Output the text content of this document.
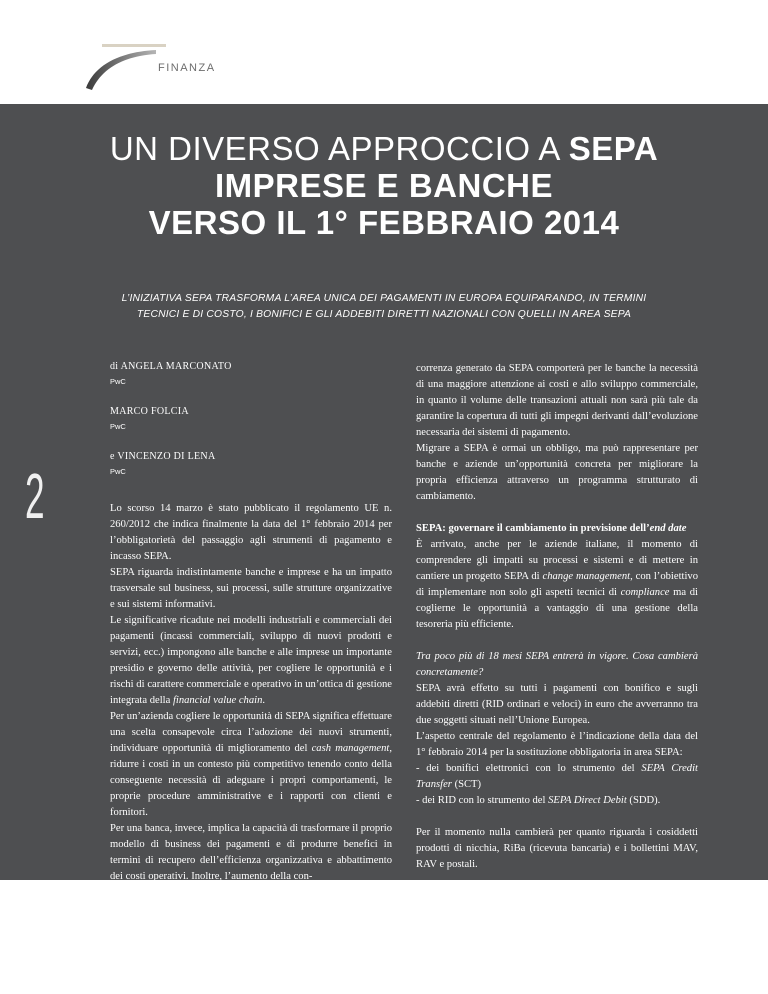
FINANZA
UN DIVERSO APPROCCIO A SEPA
IMPRESE E BANCHE
VERSO IL 1° FEBBRAIO 2014
L’INIZIATIVA SEPA TRASFORMA L’AREA UNICA DEI PAGAMENTI IN EUROPA EQUIPARANDO, IN TERMINI
TECNICI E DI COSTO, I BONIFICI E GLI ADDEBITI DIRETTI NAZIONALI CON QUELLI IN AREA SEPA
2
di ANGELA MARCONATO
PwC
MARCO FOLCIA
PwC
e VINCENZO DI LENA
PwC

Lo scorso 14 marzo è stato pubblicato il regolamento UE n. 260/2012 che indica finalmente la data del 1° febbraio 2014 per l’obbligatorietà del passaggio agli strumenti di pagamento e incasso SEPA.

SEPA riguarda indistintamente banche e imprese e ha un impatto trasversale sul business, sui processi, sulle strutture organizzative e sui sistemi informativi.

Le significative ricadute nei modelli industriali e commerciali dei pagamenti (incassi commerciali, sviluppo di nuovi prodotti e servizi, ecc.) impongono alle banche e alle imprese un importante presidio e governo delle attività, per cogliere le opportunità e i rischi di carattere commerciale e operativo in un’ottica di gestione integrata della financial value chain.

Per un’azienda cogliere le opportunità di SEPA significa effettuare una scelta consapevole circa l’adozione dei nuovi strumenti, individuare opportunità di miglioramento del cash management, ridurre i costi in un contesto più competitivo tenendo conto della conseguente necessità di adeguare i propri comportamenti, le proprie procedure amministrative e i rapporti con clienti e fornitori.

Per una banca, invece, implica la capacità di trasformare il proprio modello di business dei pagamenti e di produrre benefici in termini di recupero dell’efficienza organizzativa e abbattimento dei costi operativi. Inoltre, l’aumento della con-

correnza generato da SEPA comporterà per le banche la necessità di una maggiore attenzione ai costi e allo sviluppo commerciale, in quanto il volume delle transazioni attuali non sarà più tale da garantire la copertura di tutti gli impegni derivanti dall’evoluzione necessaria dei sistemi di pagamento.

Migrare a SEPA è ormai un obbligo, ma può rappresentare per banche e aziende un’opportunità concreta per migliorare la propria efficienza attraverso un programma strutturato di cambiamento.

SEPA: governare il cambiamento in previsione dell’end date

È arrivato, anche per le aziende italiane, il momento di comprendere gli impatti su processi e sistemi e di mettere in cantiere un progetto SEPA di change management, con l’obiettivo di implementare non solo gli aspetti tecnici di compliance ma di coglierne le opportunità a vantaggio di una gestione della tesoreria più efficiente.

Tra poco più di 18 mesi SEPA entrerà in vigore. Cosa cambierà concretamente?

SEPA avrà effetto su tutti i pagamenti con bonifico e sugli addebiti diretti (RID ordinari e veloci) in euro che avverranno tra due soggetti situati nell’Unione Europea.

L’aspetto centrale del regolamento è l’indicazione della data del 1° febbraio 2014 per la sostituzione obbligatoria in area SEPA:

- dei bonifici elettronici con lo strumento del SEPA Credit Transfer (SCT)

- dei RID con lo strumento del SEPA Direct Debit (SDD).

Per il momento nulla cambierà per quanto riguarda i cosiddetti prodotti di nicchia, RiBa (ricevuta bancaria) e i bollettini MAV, RAV e postali.

Sono quindi chiari gli impatti non solo per le aziende che operano in ambito europeo, ma anche per quelle che
